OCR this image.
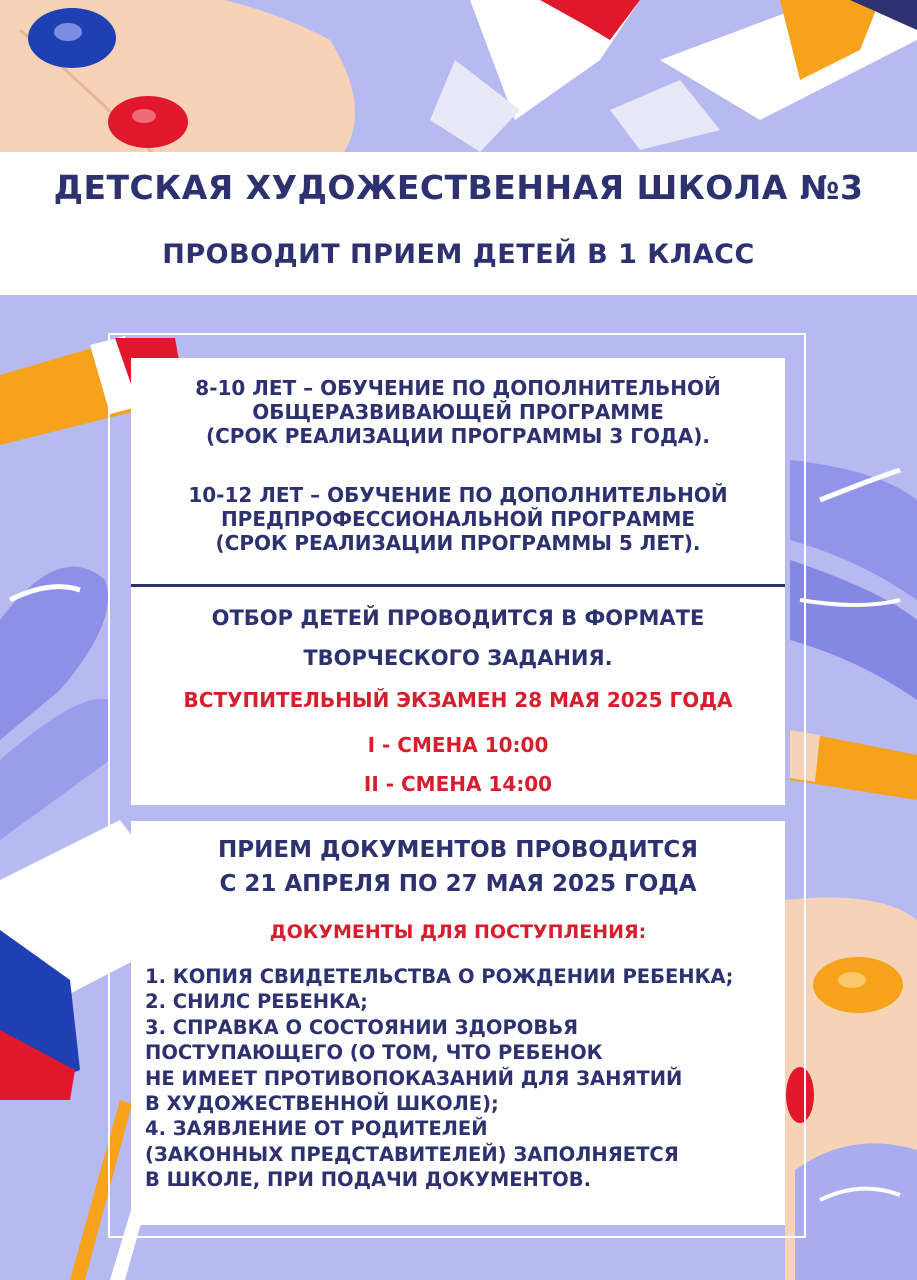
ДЕТСКАЯ ХУДОЖЕСТВЕННАЯ ШКОЛА №3
ПРОВОДИТ ПРИЕМ ДЕТЕЙ В 1 КЛАСС
8-10 ЛЕТ – ОБУЧЕНИЕ ПО ДОПОЛНИТЕЛЬНОЙ
ОБЩЕРАЗВИВАЮЩЕЙ ПРОГРАММЕ
(СРОК РЕАЛИЗАЦИИ ПРОГРАММЫ 3 ГОДА).
10-12 ЛЕТ – ОБУЧЕНИЕ ПО ДОПОЛНИТЕЛЬНОЙ
ПРЕДПРОФЕССИОНАЛЬНОЙ ПРОГРАММЕ
(СРОК РЕАЛИЗАЦИИ ПРОГРАММЫ 5 ЛЕТ).
ОТБОР ДЕТЕЙ ПРОВОДИТСЯ В ФОРМАТЕ
ТВОРЧЕСКОГО ЗАДАНИЯ.
ВСТУПИТЕЛЬНЫЙ ЭКЗАМЕН 28 МАЯ 2025 ГОДА
I - СМЕНА 10:00
II - СМЕНА 14:00
ПРИЕМ ДОКУМЕНТОВ ПРОВОДИТСЯ
С 21 АПРЕЛЯ ПО 27 МАЯ 2025 ГОДА
ДОКУМЕНТЫ ДЛЯ ПОСТУПЛЕНИЯ:
1. КОПИЯ СВИДЕТЕЛЬСТВА О РОЖДЕНИИ РЕБЕНКА;
2. СНИЛС РЕБЕНКА;
3. СПРАВКА О СОСТОЯНИИ ЗДОРОВЬЯ
ПОСТУПАЮЩЕГО (О ТОМ, ЧТО РЕБЕНОК
НЕ ИМЕЕТ ПРОТИВОПОКАЗАНИЙ ДЛЯ ЗАНЯТИЙ
В ХУДОЖЕСТВЕННОЙ ШКОЛЕ);
4. ЗАЯВЛЕНИЕ ОТ РОДИТЕЛЕЙ
(ЗАКОННЫХ ПРЕДСТАВИТЕЛЕЙ) ЗАПОЛНЯЕТСЯ
В ШКОЛЕ, ПРИ ПОДАЧИ ДОКУМЕНТОВ.
